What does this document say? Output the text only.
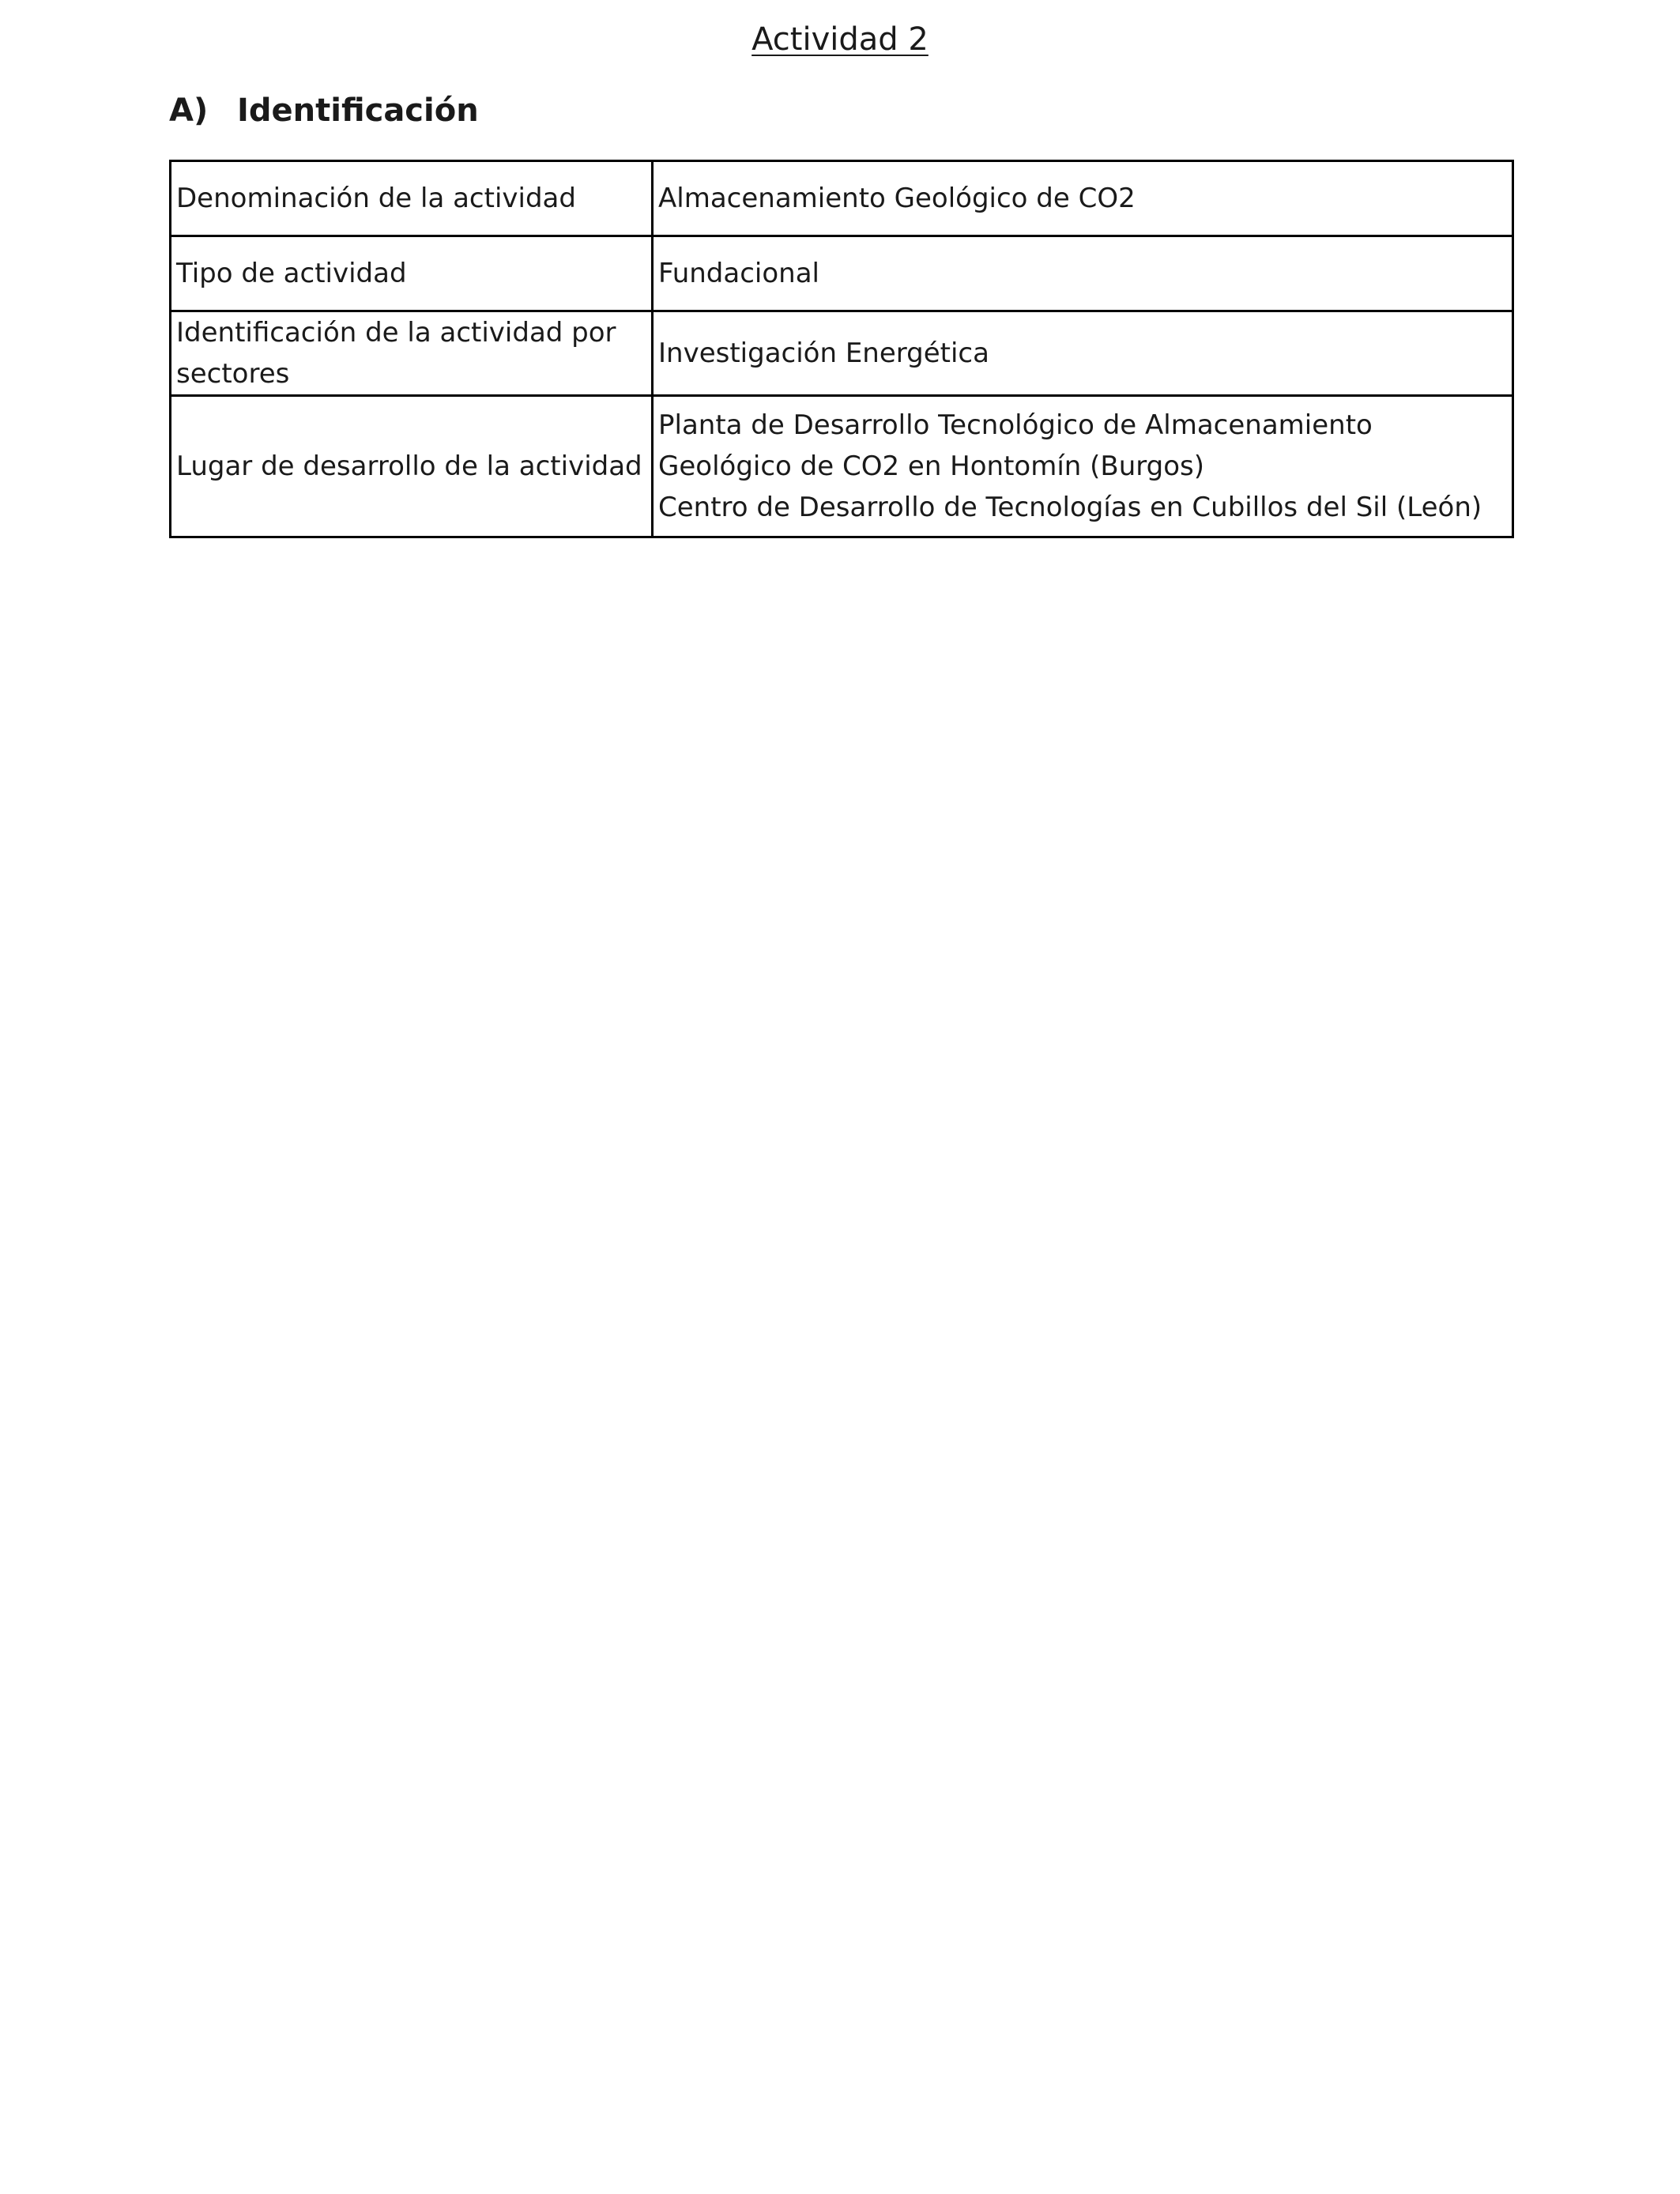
Actividad 2
A) Identificación
Denominación de la actividad	Almacenamiento Geológico de CO2
Tipo de actividad	Fundacional
Identificación de la actividad por sectores	Investigación Energética
Lugar de desarrollo de la actividad	Planta de Desarrollo Tecnológico de Almacenamiento Geológico de CO2 en Hontomín (Burgos)
Centro de Desarrollo de Tecnologías en Cubillos del Sil (León)
